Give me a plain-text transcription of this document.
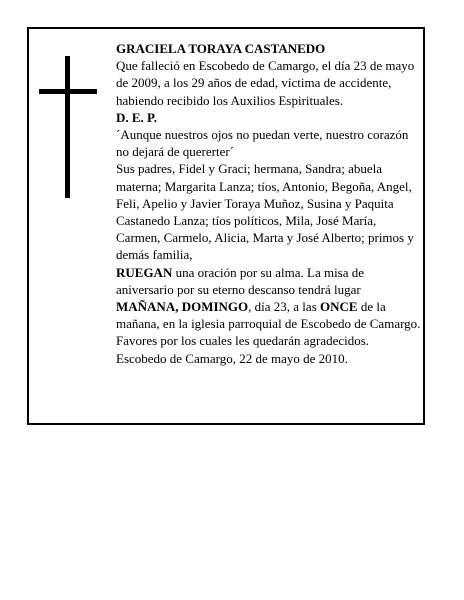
GRACIELA TORAYA CASTANEDO

Que falleció en Escobedo de Camargo, el día 23 de mayo de 2009, a los 29 años de edad, víctima de accidente, habiendo recibido los Auxilios Espirituales.

D. E. P.

´Aunque nuestros ojos no puedan verte, nuestro corazón no dejará de quererter´

Sus padres, Fidel y Graci; hermana, Sandra; abuela materna; Margarita Lanza; tíos, Antonio, Begoña, Angel, Feli, Apelio y Javier Toraya Muñoz, Susina y Paquita Castanedo Lanza; tíos políticos, Mila, José María, Carmen, Carmelo, Alicia, Marta y José Alberto; primos y demás familia,

RUEGAN una oración por su alma. La misa de aniversario por su eterno descanso tendrá lugar MAÑANA, DOMINGO, día 23, a las ONCE de la mañana, en la iglesia parroquial de Escobedo de Camargo. Favores por los cuales les quedarán agradecidos.

Escobedo de Camargo, 22 de mayo de 2010.
